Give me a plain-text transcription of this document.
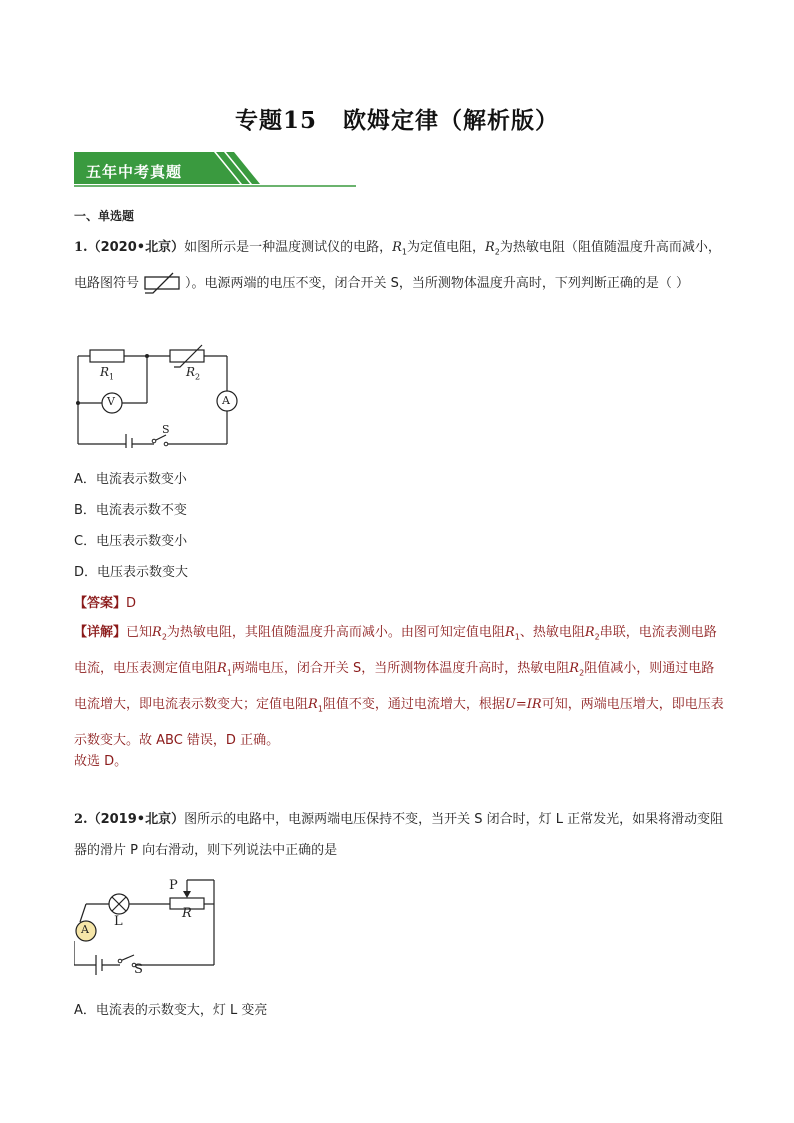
专题15 欧姆定律（解析版）
五年中考真题
一、单选题
1.（2020•北京）如图所示是一种温度测试仪的电路，$R_1$为定值电阻，$R_2$为热敏电阻（阻值随温度升高而减小，电路图符号	）。电源两端的电压不变，闭合开关 S，当所测物体温度升高时，下列判断正确的是（ ）
$R_1$	$R_2$
V	A
S
A．电流表示数变小
B．电流表示数不变
C．电压表示数变小
D．电压表示数变大
【答案】D
【详解】已知$R_2$为热敏电阻，其阻值随温度升高而减小。由图可知定值电阻$R_1$、热敏电阻$R_2$串联，电流表测电路电流，电压表测定值电阻$R_1$两端电压，闭合开关 S，当所测物体温度升高时，热敏电阻$R_2$阻值减小，则通过电路电流增大，即电流表示数变大；定值电阻$R_1$阻值不变，通过电流增大，根据U=IR可知，两端电压增大，即电压表示数变大。故 ABC 错误，D 正确。
故选 D。
2.（2019•北京）图所示的电路中，电源两端电压保持不变，当开关 S 闭合时，灯 L 正常发光，如果将滑动变阻器的滑片 P 向右滑动，则下列说法中正确的是
A
L
P
R
S
A．电流表的示数变大，灯 L 变亮
